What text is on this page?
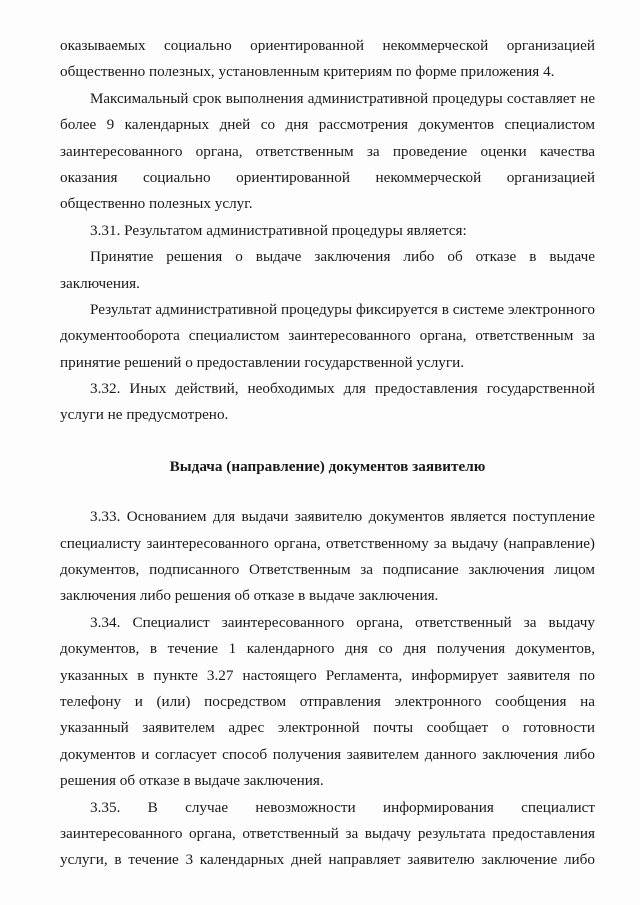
оказываемых социально ориентированной некоммерческой организацией
общественно полезных, установленным критериям по форме приложения 4.
Максимальный срок выполнения административной процедуры составляет не
более 9 календарных дней со дня рассмотрения документов специалистом
заинтересованного органа, ответственным за проведение оценки качества
оказания социально ориентированной некоммерческой организацией
общественно полезных услуг.
3.31. Результатом административной процедуры является:
Принятие решения о выдаче заключения либо об отказе в выдаче
заключения.
Результат административной процедуры фиксируется в системе электронного
документооборота специалистом заинтересованного органа, ответственным за
принятие решений о предоставлении государственной услуги.
3.32. Иных действий, необходимых для предоставления государственной
услуги не предусмотрено.
Выдача (направление) документов заявителю
3.33. Основанием для выдачи заявителю документов является поступление
специалисту заинтересованного органа, ответственному за выдачу (направление)
документов, подписанного Ответственным за подписание заключения лицом
заключения либо решения об отказе в выдаче заключения.
3.34. Специалист заинтересованного органа, ответственный за выдачу
документов, в течение 1 календарного дня со дня получения документов,
указанных в пункте 3.27 настоящего Регламента, информирует заявителя по
телефону и (или) посредством отправления электронного сообщения на
указанный заявителем адрес электронной почты сообщает о готовности
документов и согласует способ получения заявителем данного заключения либо
решения об отказе в выдаче заключения.
3.35. В случае невозможности информирования специалист
заинтересованного органа, ответственный за выдачу результата предоставления
услуги, в течение 3 календарных дней направляет заявителю заключение либо
